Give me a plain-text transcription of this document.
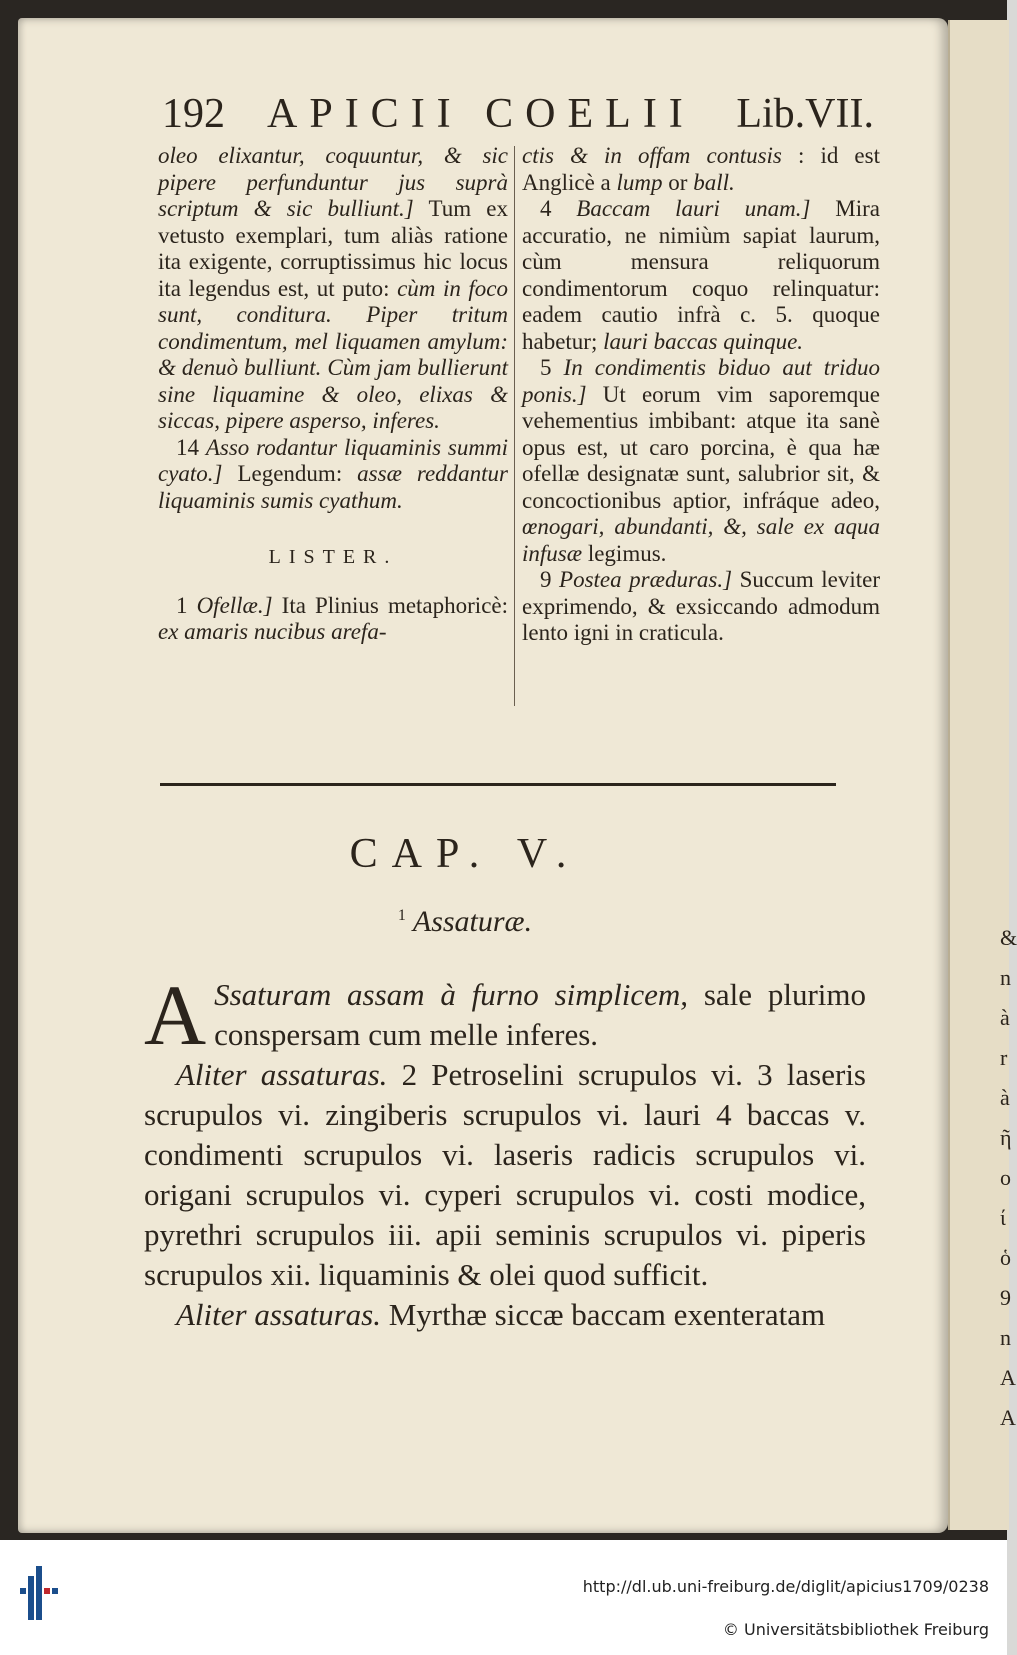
&
n
à
r
à
ῆ
ο
ί
ὁ
9
n
A
A
192 APICII COELII Lib.VII.

oleo elixantur, coquuntur, & sic pipere perfunduntur jus suprà scriptum & sic bulliunt.] Tum ex vetusto exemplari, tum aliàs ratione ita exigente, corruptissimus hic locus ita legendus est, ut puto: cùm in foco sunt, conditura. Piper tritum condimentum, mel liquamen amylum: & denuò bulliunt. Cùm jam bullierunt sine liquamine & oleo, elixas & siccas, pipere asperso, inferes.

14 Asso rodantur liquaminis summi cyato.] Legendum: assæ reddantur liquaminis sumis cyathum.

LISTER.

1 Ofellæ.] Ita Plinius metaphoricè: ex amaris nucibus arefa-

ctis & in offam contusis : id est Anglicè a lump or ball.

4 Baccam lauri unam.] Mira accuratio, ne nimiùm sapiat laurum, cùm mensura reliquorum condimentorum coquo relinquatur: eadem cautio infrà c. 5. quoque habetur; lauri baccas quinque.

5 In condimentis biduo aut triduo ponis.] Ut eorum vim saporemque vehementius imbibant: atque ita sanè opus est, ut caro porcina, è qua hæ ofellæ designatæ sunt, salubrior sit, & concoctionibus aptior, infráque adeo, œnogari, abundanti, &, sale ex aqua infusæ legimus.

9 Postea præduras.] Succum leviter exprimendo, & exsiccando admodum lento igni in craticula.

CAP. V.
$^1$ Assaturæ.

A Ssaturam assam à furno simplicem, sale plurimo conspersam cum melle inferes.

Aliter assaturas. 2 Petroselini scrupulos vi. 3 laseris scrupulos vi. zingiberis scrupulos vi. lauri 4 baccas v. condimenti scrupulos vi. laseris radicis scrupulos vi. origani scrupulos vi. cyperi scrupulos vi. costi modice, pyrethri scrupulos iii. apii seminis scrupulos vi. piperis scrupulos xii. liquaminis & olei quod sufficit.

Aliter assaturas. Myrthæ siccæ baccam exenteratam

http://dl.ub.uni-freiburg.de/diglit/apicius1709/0238
© Universitätsbibliothek Freiburg
